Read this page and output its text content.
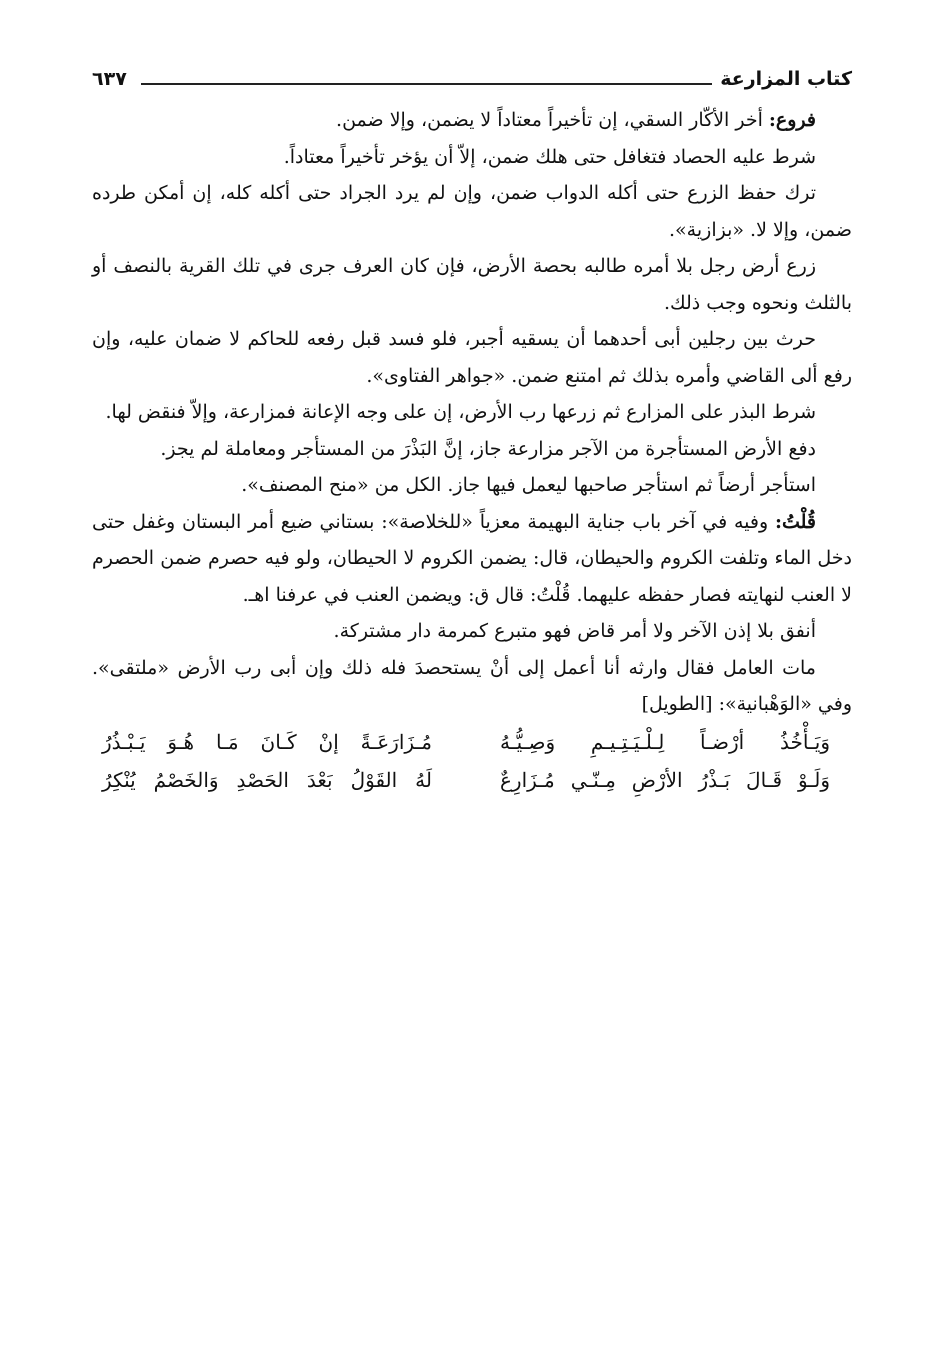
كتاب المزارعة
٦٣٧

فروع: أخر الأكّار السقي، إن تأخيراً معتاداً لا يضمن، وإلا ضمن.

شرط عليه الحصاد فتغافل حتى هلك ضمن، إلاّ أن يؤخر تأخيراً معتاداً.

ترك حفظ الزرع حتى أكله الدواب ضمن، وإن لم يرد الجراد حتى أكله كله، إن أمكن طرده ضمن، وإلا لا. «بزازية».

زرع أرض رجل بلا أمره طالبه بحصة الأرض، فإن كان العرف جرى في تلك القرية بالنصف أو بالثلث ونحوه وجب ذلك.

حرث بين رجلين أبى أحدهما أن يسقيه أجبر، فلو فسد قبل رفعه للحاكم لا ضمان عليه، وإن رفع ألى القاضي وأمره بذلك ثم امتنع ضمن. «جواهر الفتاوى».

شرط البذر على المزارع ثم زرعها رب الأرض، إن على وجه الإعانة فمزارعة، وإلاّ فنقض لها.

دفع الأرض المستأجرة من الآجر مزارعة جاز، إنَّ البَذْرَ من المستأجر ومعاملة لم يجز.

استأجر أرضاً ثم استأجر صاحبها ليعمل فيها جاز. الكل من «منح المصنف».

قُلْتُ: وفيه في آخر باب جناية البهيمة معزياً «للخلاصة»: بستاني ضيع أمر البستان وغفل حتى دخل الماء وتلفت الكروم والحيطان، قال: يضمن الكروم لا الحيطان، ولو فيه حصرم ضمن الحصرم لا العنب لنهايته فصار حفظه عليهما. قُلْتُ: قال ق: ويضمن العنب في عرفنا اهـ.

أنفق بلا إذن الآخر ولا أمر قاض فهو متبرع كمرمة دار مشتركة.

مات العامل فقال وارثه أنا أعمل إلى أنْ يستحصدَ فله ذلك وإن أبى رب الأرض «ملتقى». وفي «الوَهْبانية»: [الطويل]

وَيَـأْخُذُ أرْضـاً لِـلْـيَـتِـيـمِ وَصِـيُّـهُ
مُـزَارَعَـةً إنْ كَـانَ مَـا هُـوَ يَـبْـذُرُ
وَلَـوْ قَـالَ بَـذْرُ الأرْضِ مِـنّـي مُـزَارِعٌ
لَهُ القَوْلُ بَعْدَ الحَصْدِ وَالخَصْمُ يُنْكِرُ
